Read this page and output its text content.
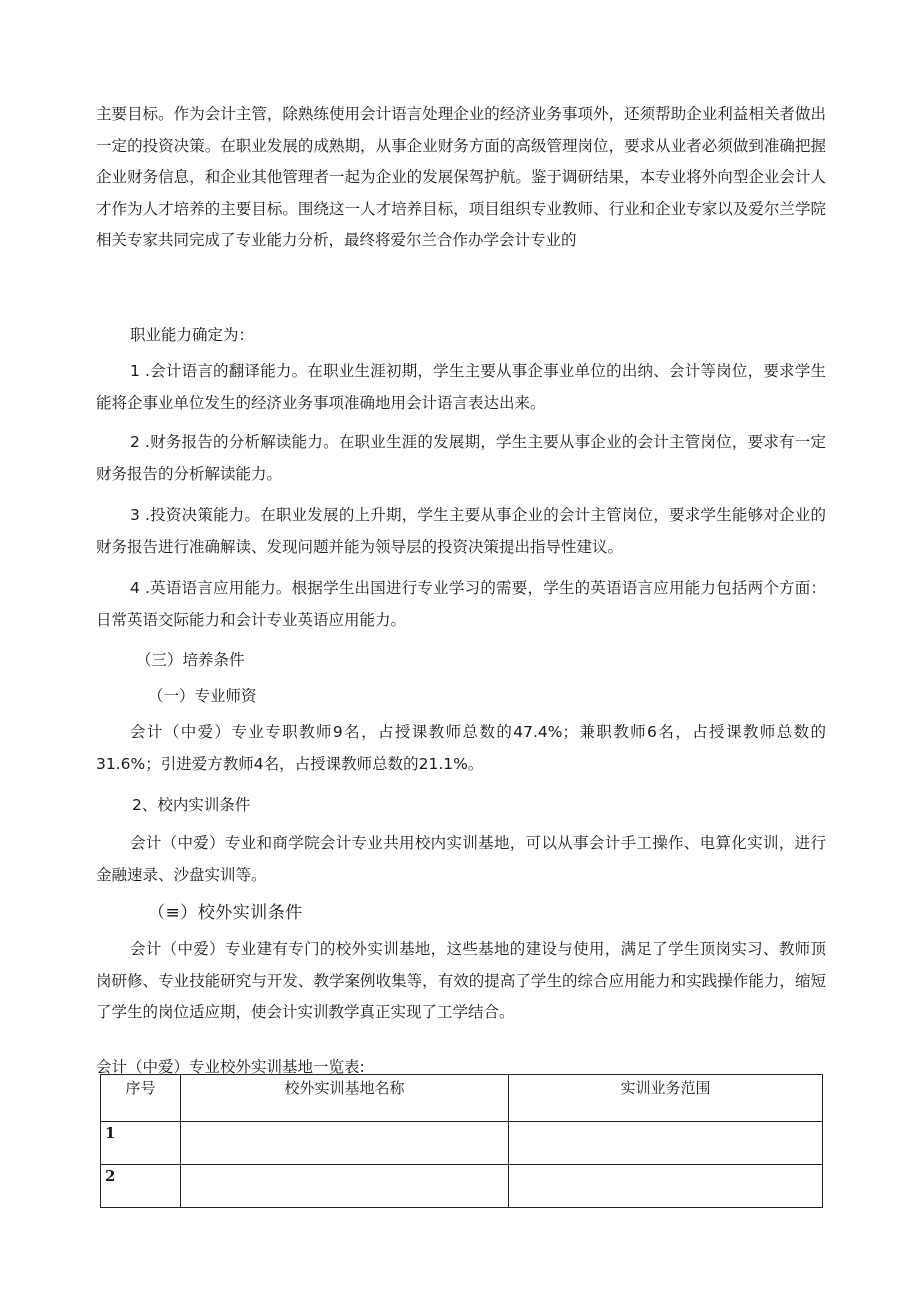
主要目标。作为会计主管，除熟练使用会计语言处理企业的经济业务事项外，还须帮助企业利益相关者做出一定的投资决策。在职业发展的成熟期，从事企业财务方面的高级管理岗位，要求从业者必须做到准确把握企业财务信息，和企业其他管理者一起为企业的发展保驾护航。鉴于调研结果，本专业将外向型企业会计人才作为人才培养的主要目标。围绕这一人才培养目标，项目组织专业教师、行业和企业专家以及爱尔兰学院相关专家共同完成了专业能力分析，最终将爱尔兰合作办学会计专业的

职业能力确定为：

1 .会计语言的翻译能力。在职业生涯初期，学生主要从事企事业单位的出纳、会计等岗位，要求学生能将企事业单位发生的经济业务事项准确地用会计语言表达出来。

2 .财务报告的分析解读能力。在职业生涯的发展期，学生主要从事企业的会计主管岗位，要求有一定财务报告的分析解读能力。

3 .投资决策能力。在职业发展的上升期，学生主要从事企业的会计主管岗位，要求学生能够对企业的财务报告进行准确解读、发现问题并能为领导层的投资决策提出指导性建议。

4 .英语语言应用能力。根据学生出国进行专业学习的需要，学生的英语语言应用能力包括两个方面：日常英语交际能力和会计专业英语应用能力。

（三）培养条件

（一）专业师资

会计（中爱）专业专职教师9名，占授课教师总数的47.4%；兼职教师6名，占授课教师总数的31.6%；引进爱方教师4名，占授课教师总数的21.1%。

2、校内实训条件

会计（中爱）专业和商学院会计专业共用校内实训基地，可以从事会计手工操作、电算化实训，进行金融速录、沙盘实训等。

（≡）校外实训条件

会计（中爱）专业建有专门的校外实训基地，这些基地的建设与使用，满足了学生顶岗实习、教师顶岗研修、专业技能研究与开发、教学案例收集等，有效的提高了学生的综合应用能力和实践操作能力，缩短了学生的岗位适应期，使会计实训教学真正实现了工学结合。

会计（中爱）专业校外实训基地一览表:

序号	校外实训基地名称	实训业务范围
1		
2		
